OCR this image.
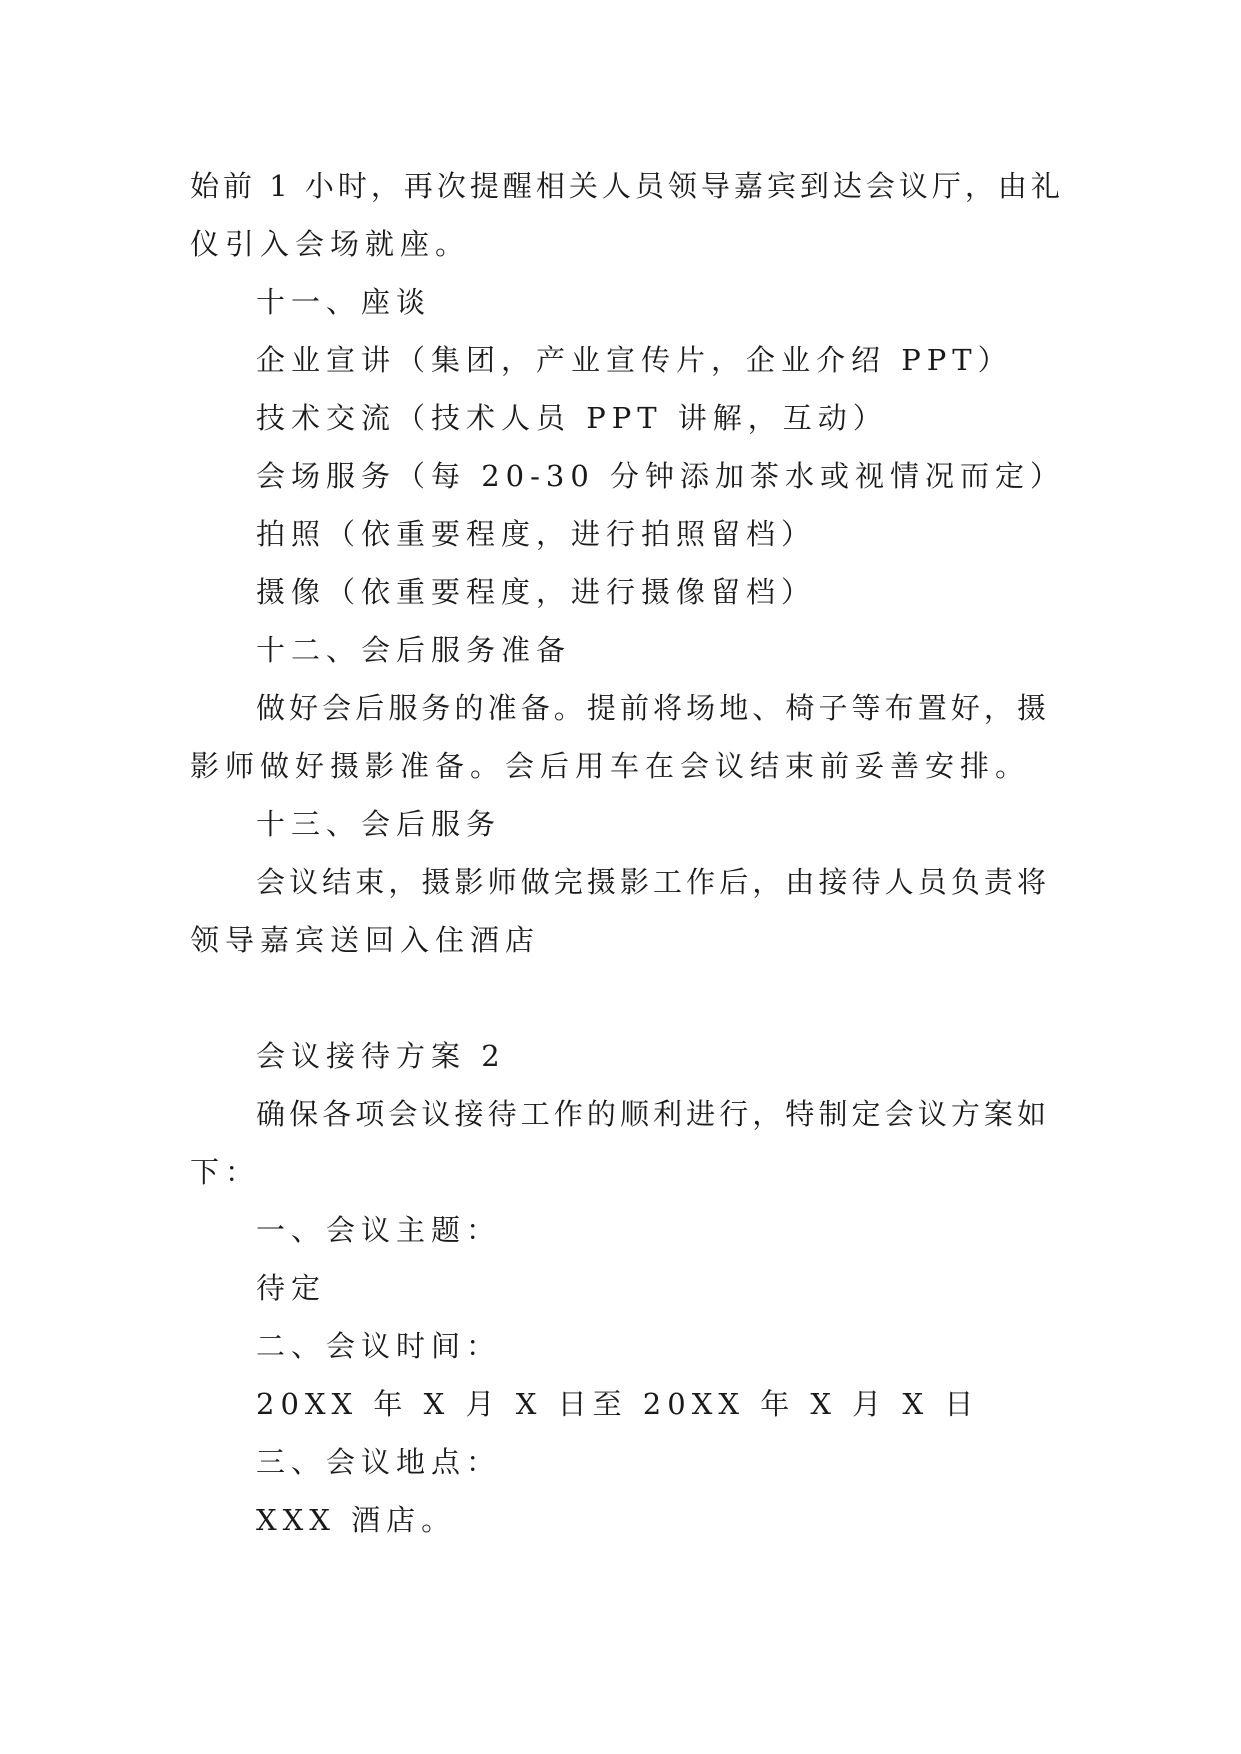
始前 1 小时，再次提醒相关人员领导嘉宾到达会议厅，由礼
仪引入会场就座。
十一、座谈
企业宣讲（集团，产业宣传片，企业介绍 PPT）
技术交流（技术人员 PPT 讲解，互动）
会场服务（每 20-30 分钟添加茶水或视情况而定）
拍照（依重要程度，进行拍照留档）
摄像（依重要程度，进行摄像留档）
十二、会后服务准备
做好会后服务的准备。提前将场地、椅子等布置好，摄
影师做好摄影准备。会后用车在会议结束前妥善安排。
十三、会后服务
会议结束，摄影师做完摄影工作后，由接待人员负责将
领导嘉宾送回入住酒店
会议接待方案 2
确保各项会议接待工作的顺利进行，特制定会议方案如
下：
一、会议主题：
待定
二、会议时间：
20XX 年 X 月 X 日至 20XX 年 X 月 X 日
三、会议地点：
XXX 酒店。
